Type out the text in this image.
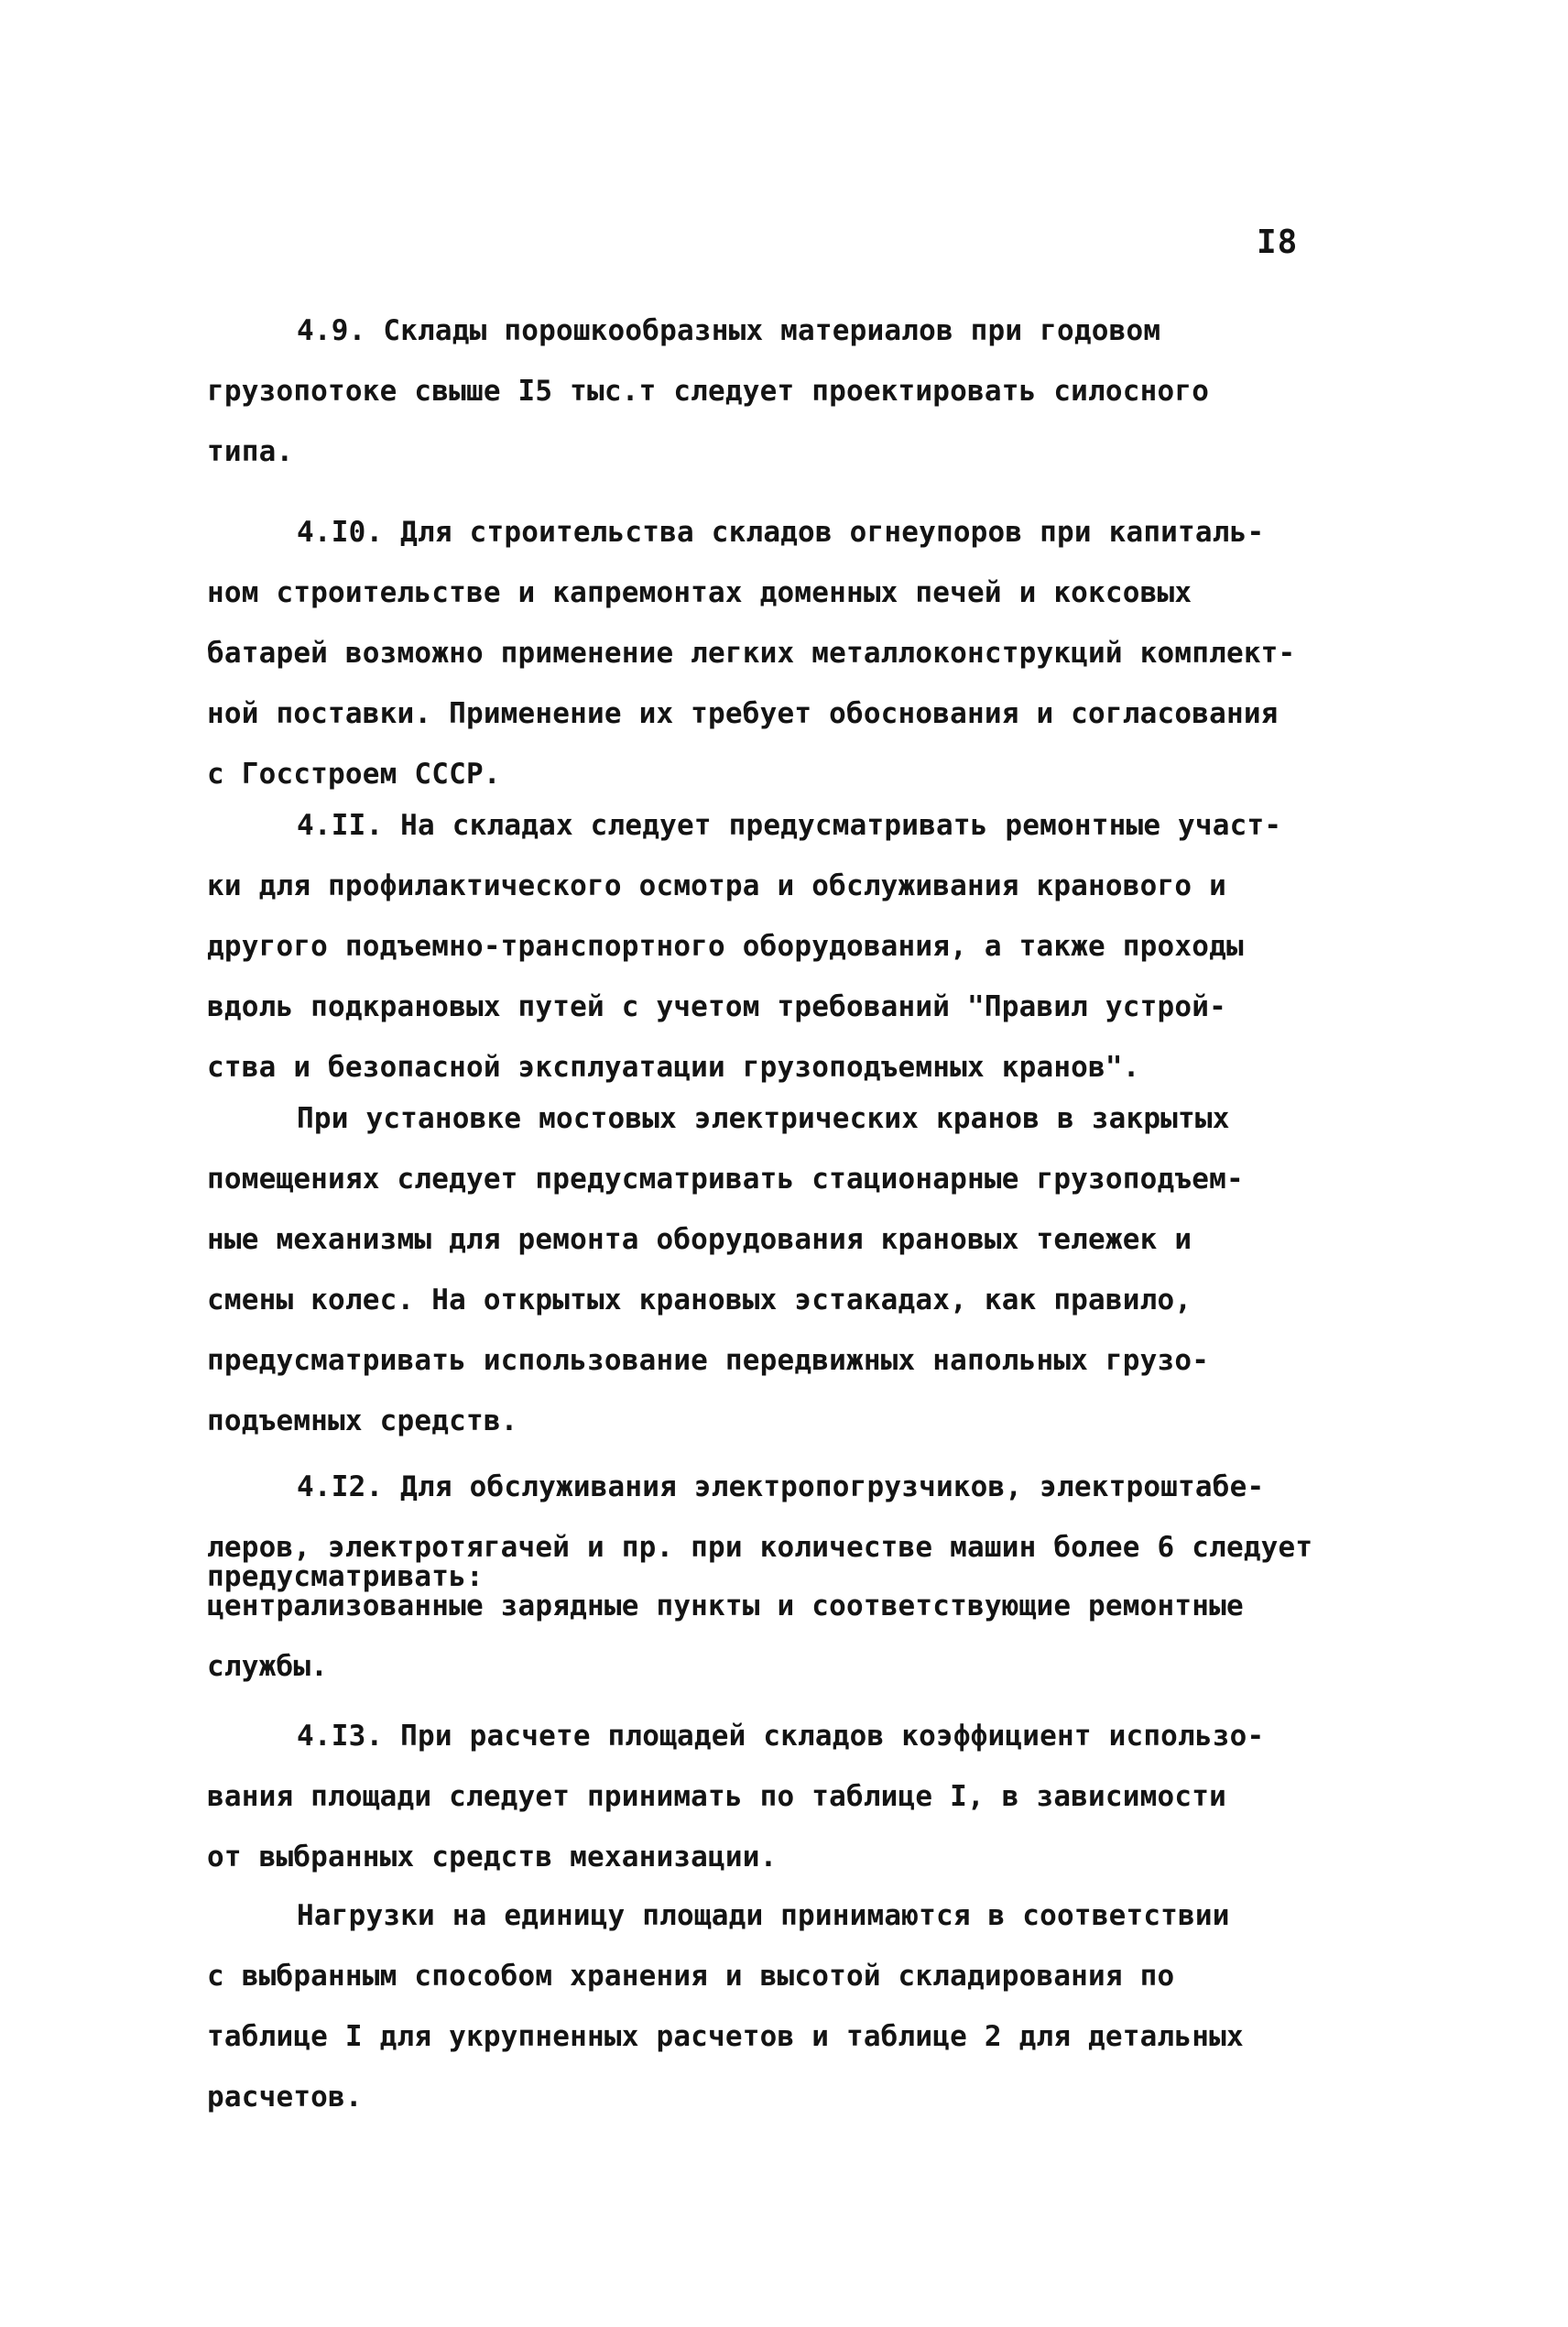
I8
4.9. Склады порошкообразных материалов при годовом
грузопотоке свыше I5 тыс.т следует проектировать силосного
типа.
4.I0. Для строительства складов огнеупоров при капиталь-
ном строительстве и капремонтах доменных печей и коксовых
батарей возможно применение легких металлоконструкций комплект-
ной поставки. Применение их требует обоснования и согласования
с Госстроем СССР.
4.II. На складах следует предусматривать ремонтные участ-
ки для профилактического осмотра и обслуживания кранового и
другого подъемно-транспортного оборудования, а также проходы
вдоль подкрановых путей с учетом требований "Правил устрой-
ства и безопасной эксплуатации грузоподъемных кранов".
При установке мостовых электрических кранов в закрытых
помещениях следует предусматривать стационарные грузоподъем-
ные механизмы для ремонта оборудования крановых тележек и
смены колес. На открытых крановых эстакадах, как правило,
предусматривать использование передвижных напольных грузо-
подъемных средств.
4.I2. Для обслуживания электропогрузчиков, электроштабе-
леров, электротягачей и пр. при количестве машин более 6 следует
предусматривать:
централизованные зарядные пункты и соответствующие ремонтные
службы.
4.I3. При расчете площадей складов коэффициент использо-
вания площади следует принимать по таблице I, в зависимости
от выбранных средств механизации.
Нагрузки на единицу площади принимаются в соответствии
с выбранным способом хранения и высотой складирования по
таблице I для укрупненных расчетов и таблице 2 для детальных
расчетов.
